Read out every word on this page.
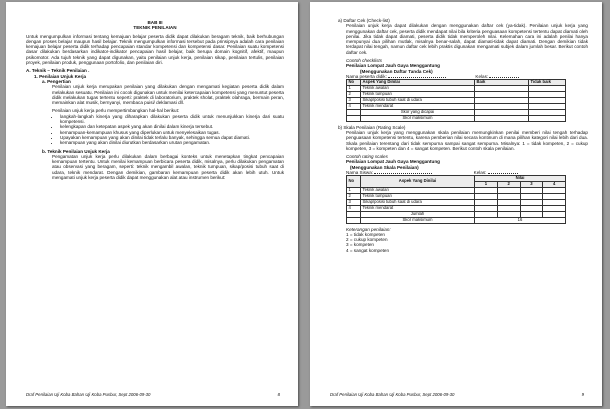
BAB III

TEKNIK PENILAIAN

Untuk mengumpulkan informasi tentang kemajuan belajar peserta didik dapat dilakukan beragam teknik, baik berhubungan dengan proses belajar maupun hasil belajar. Teknik mengumpulkan informasi tersebut pada prinsipnya adalah cara penilaian kemajuan belajar peserta didik terhadap pencapaian standar kompetensi dan kompetensi dasar. Penilaian suatu kompetensi dasar dilakukan berdasarkan indikator-indikator pencapaian hasil belajar, baik berupa domain kognitif, afektif, maupun psikomotor. Ada tujuh teknik yang dapat digunakan, yaitu penilaian unjuk kerja, penilaian sikap, penilaian tertulis, penilaian proyek, penilaian produk, penggunaan portofolio, dan penilaian diri.

A. Teknik – Teknik Penilaian .

1. Penilaian Unjuk Kerja

a. Pengertian

Penilaian unjuk kerja merupakan penilaian yang dilakukan dengan mengamati kegiatan peserta didik dalam melakukan sesuatu. Penilaian ini cocok digunakan untuk menilai ketercapaian kompetensi yang menuntut peserta didik melakukan tugas tertentu seperti: praktek di laboratorium, praktek sholat, praktek olahraga, bermain peran, memainkan alat musik, bernyanyi, membaca puisi/ deklamasi dll.

Penilaian unjuk kerja perlu mempertimbangkan hal-hal berikut:

• langkah-langkah kinerja yang diharapkan dilakukan peserta didik untuk menunjukkan kinerja dari suatu kompetensi.
• kelengkapan dan ketepatan aspek yang akan dinilai dalam kinerja tersebut.
• kemampuan-kemampuan khusus yang diperlukan untuk menyelesaikan tugas.
• Upayakan kemampuan yang akan dinilai tidak terlalu banyak, sehingga semua dapat diamati.
• kemampuan yang akan dinilai diurutkan berdasarkan urutan pengamatan.

b. Teknik Penilaian Unjuk Kerja

Pengamatan unjuk kerja perlu dilakukan dalam berbagai konteks untuk menetapkan tingkat pencapaian kemampuan tertentu. Untuk menilai kemampuan berbicara peserta didik, misalnya, perlu dilakukan pengamatan atau observasi yang beragam, seperti: teknik mengambil awalan, teknik tumpuan, sikap/posisi tubuh saat di udara, teknik mendarat. Dengan demikian, gambaran kemampuan peserta didik akan lebih utuh. Untuk mengamati unjuk kerja peserta didik dapat menggunakan alat atau instrumen berikut:

Draf Penilaian Uji Koba Bahan Uji Koba Pusbur, Sept 2006-09-30	8

a) Daftar Cek (Check-list)

Penilaian unjuk kerja dapat dilakukan dengan menggunakan daftar cek (ya-tidak). Penilaian unjuk kerja yang menggunakan daftar cek, peserta didik mendapat nilai bila kriteria penguasaan kompetensi tertentu dapat diamati oleh penilai. Jika tidak dapat diamati, peserta didik tidak memperoleh nilai. Kelemahan cara ini adalah penilai hanya mempunyai dua pilihan mutlak, misalnya benar-salah, dapat diamati-tidak dapat diamati. Dengan demikian tidak terdapat nilai tengah, namun daftar cek lebih praktis digunakan mengamati subjek dalam jumlah besar. Berikut contoh daftar cek.

Contoh checklists

Penilaian Lompat Jauh Gaya Menggantung

(Menggunakan Daftar Tanda Cek)

Nama peserta didik:	Kelas:

No	Aspek Yang Dinilai	Baik	Tidak baik
1	Teknik awalan		
2	Teknik tumpuan		
3	Sikap/posisi tubuh saat di udara		
4	Teknik mendarat		
	Skor yang dicapai		
	Skor maksimum		

b) Skala Penilaian (Rating Scale)

Penilaian unjuk kerja yang menggunakan skala penilaian memungkinkan penilai memberi nilai tengah terhadap penguasaan kompetensi tertentu, karena pemberian nilai secara kontinum di mana pilihan kategori nilai lebih dari dua. Skala penilaian terentang dari tidak sempurna sampai sangat sempurna. Misalnya: 1 = tidak kompeten, 2 = cukup kompeten, 3 = kompeten dan 4 = sangat kompeten. Berikut contoh skala penilaian.

Contoh rating scales

Penilaian Lompat Jauh Gaya Menggantung

(Menggunakan Skala Penilaian)

Nama Siswa:	Kelas:

No	Aspek Yang Dinilai	Nilai			
		1	2	3	4
1	Teknik awalan				
2	Teknik tumpuan				
3	Sikap/posisi tubuh saat di udara				
4	Teknik mendarat				
	Jumlah				
	Skor maksimum	16			

Keterangan penilaian:

1 = tidak kompeten

2 = cukup kompeten

3 = kompeten

4 = sangat kompeten

Draf Penilaian Uji Koba Bahan Uji Koba Pusbur, Sept 2006-09-30	9
